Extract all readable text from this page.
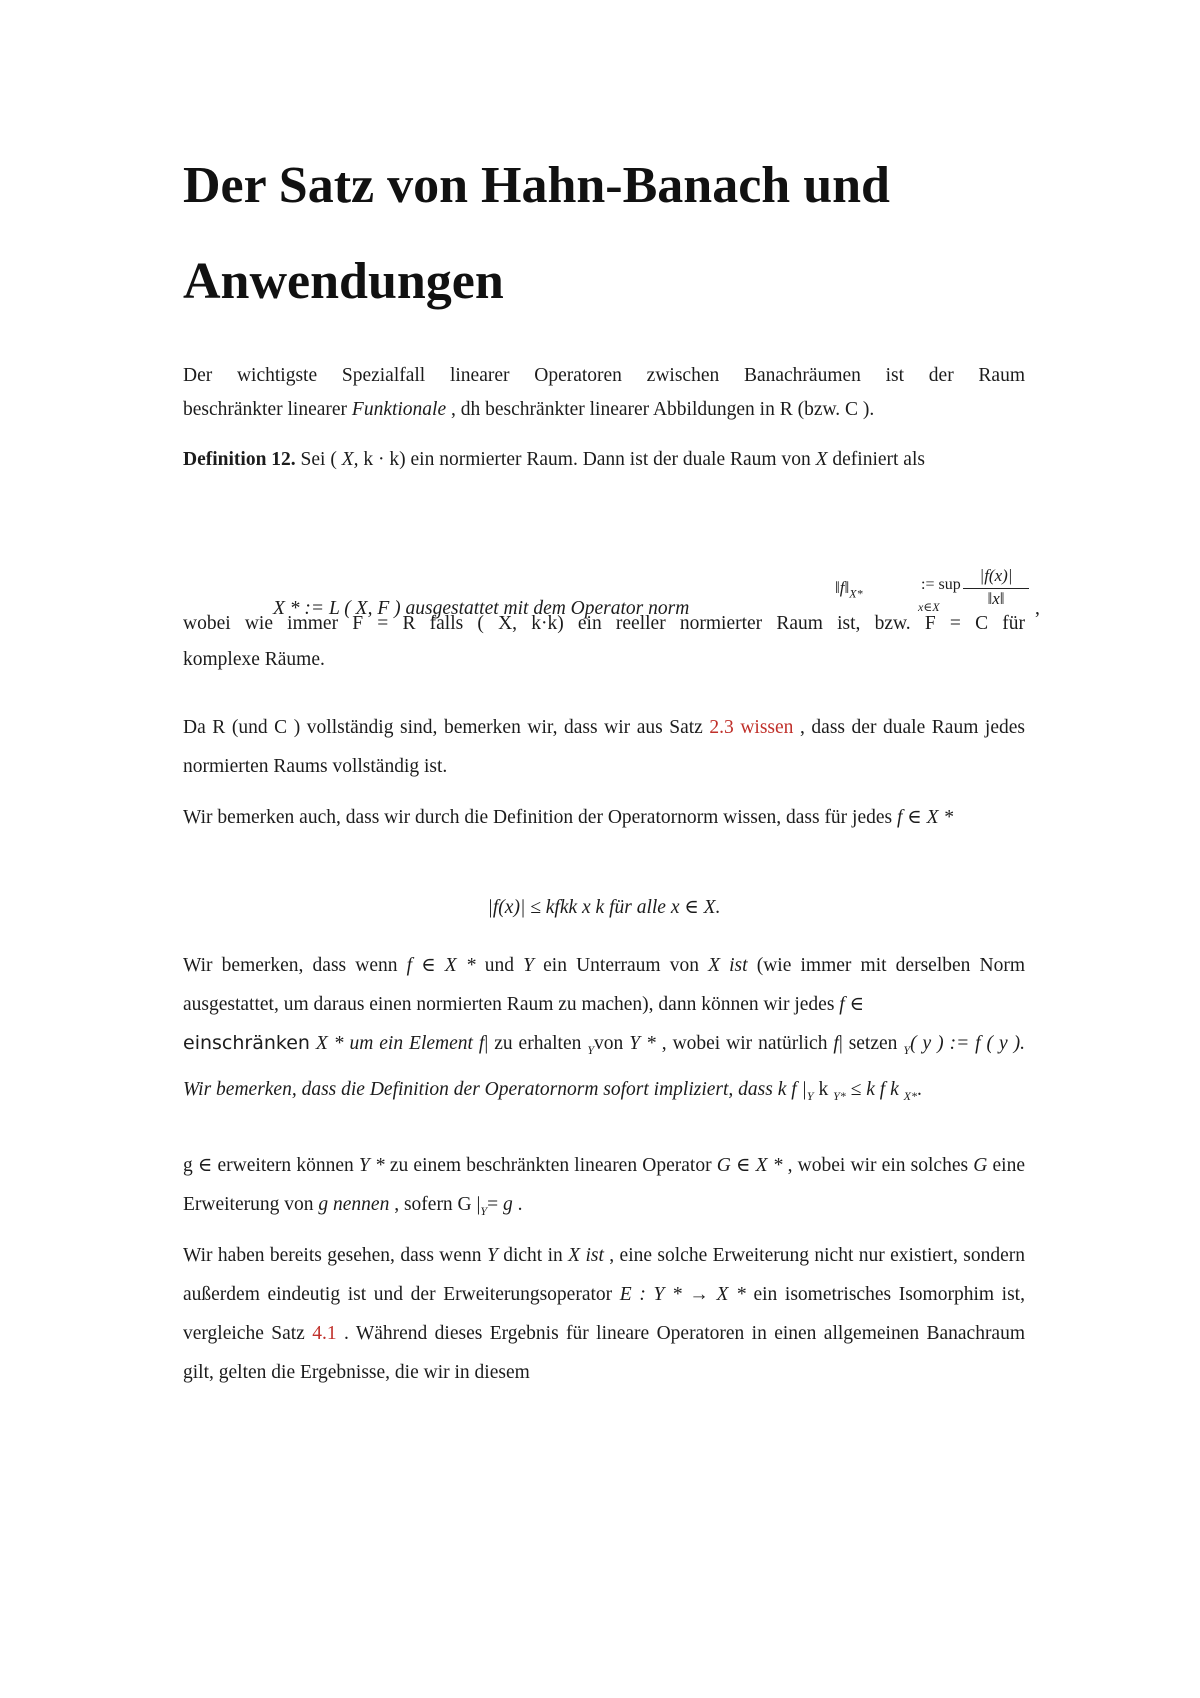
Der Satz von Hahn-Banach und Anwendungen

Der wichtigste Spezialfall linearer Operatoren zwischen Banachräumen ist der Raum

beschränkter linearer Funktionale , dh beschränkter linearer Abbildungen in R (bzw. C ).

Definition 12. Sei ( X, k · k) ein normierter Raum. Dann ist der duale Raum von X definiert als

X * := L ( X, F ) ausgestattet mit dem Operator norm
$‖f‖_{X*}$
:= sup
x∈X $\frac{|f(x)|}{‖x‖}$ ,

wobei wie immer F = R falls ( X, k·k) ein reeller normierter Raum ist, bzw. F = C für

komplexe Räume.

Da R (und C ) vollständig sind, bemerken wir, dass wir aus Satz 2.3 wissen , dass der duale Raum jedes normierten Raums vollständig ist.

Wir bemerken auch, dass wir durch die Definition der Operatornorm wissen, dass für jedes f ∈ X *

|f(x)| ≤ kfkk x k für alle x ∈ X.

Wir bemerken, dass wenn f ∈ X * und Y ein Unterraum von X ist (wie immer mit derselben Norm ausgestattet, um daraus einen normierten Raum zu machen), dann können wir jedes f ∈
einschränken X * um ein Element f| zu erhalten $_Y$von Y * , wobei wir natürlich f| setzen $_Y$( y ) := f ( y ). Wir bemerken, dass die Definition der Operatornorm sofort impliziert, dass k f $|_Y$ k $_{Y*}$ ≤ k f k $_{X*}$.

g ∈ erweitern können Y * zu einem beschränkten linearen Operator G ∈ X * , wobei wir ein solches G eine Erweiterung von g nennen , sofern G $|_Y= g$ .

Wir haben bereits gesehen, dass wenn Y dicht in X ist , eine solche Erweiterung nicht nur existiert, sondern außerdem eindeutig ist und der Erweiterungsoperator E : Y * → X * ein isometrisches Isomorphim ist, vergleiche Satz 4.1 . Während dieses Ergebnis für lineare Operatoren in einen allgemeinen Banachraum gilt, gelten die Ergebnisse, die wir in diesem
